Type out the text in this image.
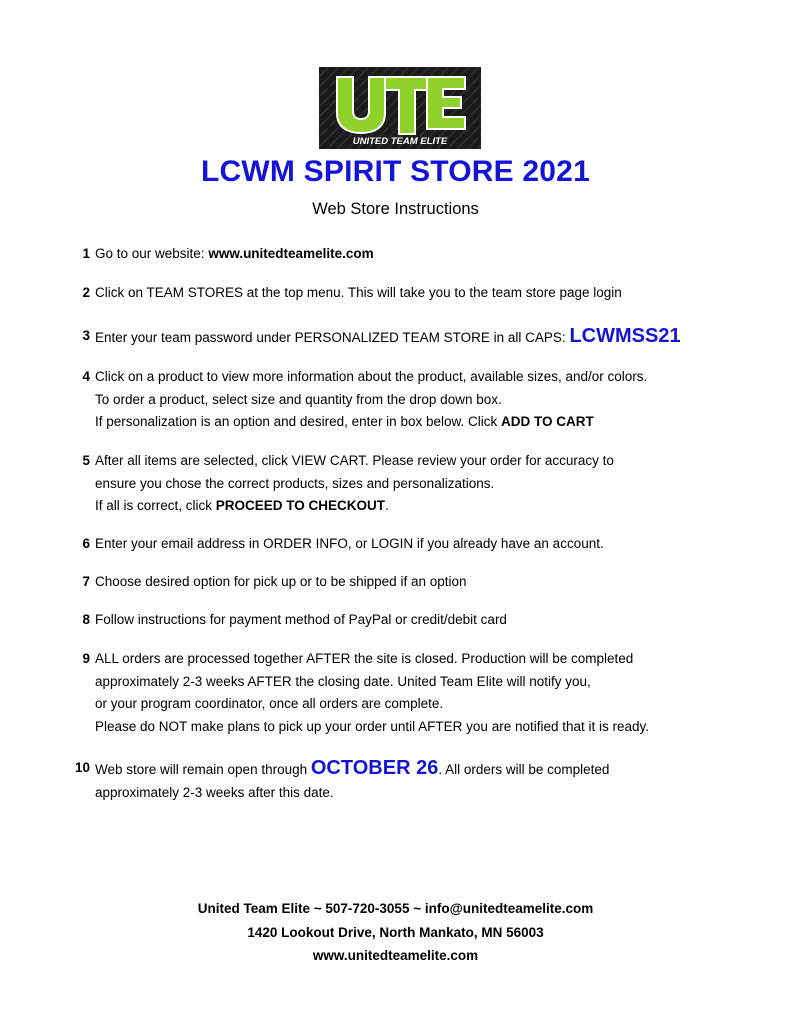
UNITED TEAM ELITE
LCWM SPIRIT STORE 2021
Web Store Instructions
1 Go to our website: www.unitedteamelite.com
2 Click on TEAM STORES at the top menu. This will take you to the team store page login
3 Enter your team password under PERSONALIZED TEAM STORE in all CAPS: LCWMSS21
4 Click on a product to view more information about the product, available sizes, and/or colors.
To order a product, select size and quantity from the drop down box.
If personalization is an option and desired, enter in box below. Click ADD TO CART
5 After all items are selected, click VIEW CART. Please review your order for accuracy to
ensure you chose the correct products, sizes and personalizations.
If all is correct, click PROCEED TO CHECKOUT.
6 Enter your email address in ORDER INFO, or LOGIN if you already have an account.
7 Choose desired option for pick up or to be shipped if an option
8 Follow instructions for payment method of PayPal or credit/debit card
9 ALL orders are processed together AFTER the site is closed. Production will be completed
approximately 2-3 weeks AFTER the closing date. United Team Elite will notify you,
or your program coordinator, once all orders are complete.
Please do NOT make plans to pick up your order until AFTER you are notified that it is ready.
10 Web store will remain open through OCTOBER 26. All orders will be completed
approximately 2-3 weeks after this date.
United Team Elite ~ 507-720-3055 ~ info@unitedteamelite.com
1420 Lookout Drive, North Mankato, MN 56003
www.unitedteamelite.com
